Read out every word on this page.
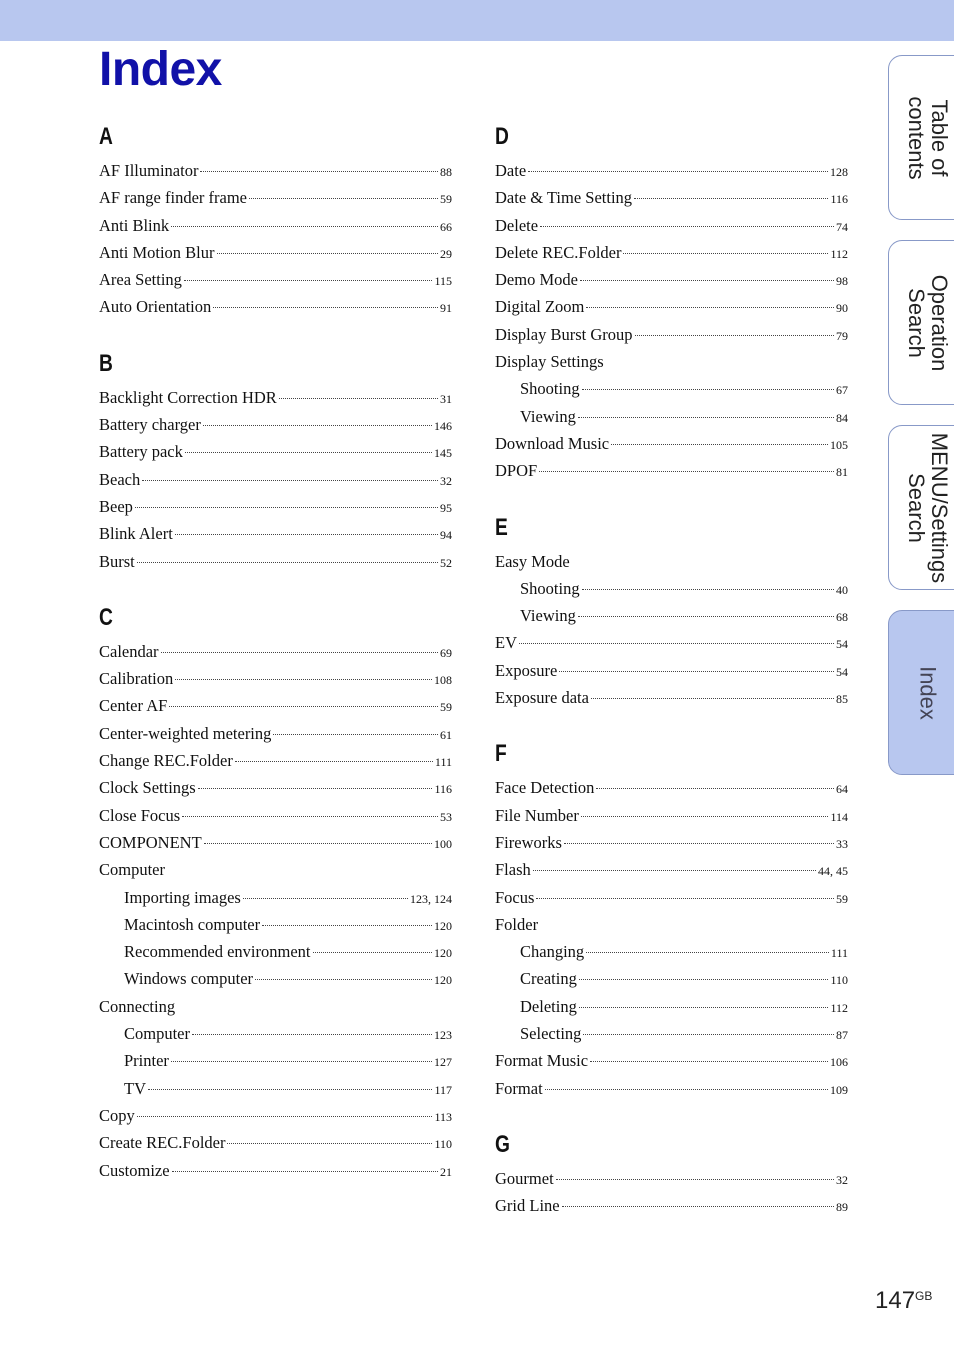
Index
A
AF Illuminator	88
AF range finder frame	59
Anti Blink	66
Anti Motion Blur	29
Area Setting	115
Auto Orientation	91
B
Backlight Correction HDR	31
Battery charger	146
Battery pack	145
Beach	32
Beep	95
Blink Alert	94
Burst	52
C
Calendar	69
Calibration	108
Center AF	59
Center-weighted metering	61
Change REC.Folder	111
Clock Settings	116
Close Focus	53
COMPONENT	100
Computer
Importing images	123, 124
Macintosh computer	120
Recommended environment	120
Windows computer	120
Connecting
Computer	123
Printer	127
TV	117
Copy	113
Create REC.Folder	110
Customize	21
D
Date	128
Date & Time Setting	116
Delete	74
Delete REC.Folder	112
Demo Mode	98
Digital Zoom	90
Display Burst Group	79
Display Settings
Shooting	67
Viewing	84
Download Music	105
DPOF	81
E
Easy Mode
Shooting	40
Viewing	68
EV	54
Exposure	54
Exposure data	85
F
Face Detection	64
File Number	114
Fireworks	33
Flash	44, 45
Focus	59
Folder
Changing	111
Creating	110
Deleting	112
Selecting	87
Format Music	106
Format	109
G
Gourmet	32
Grid Line	89
Table of
contents
Operation
Search
MENU/Settings
Search
Index
$147^{GB}$
